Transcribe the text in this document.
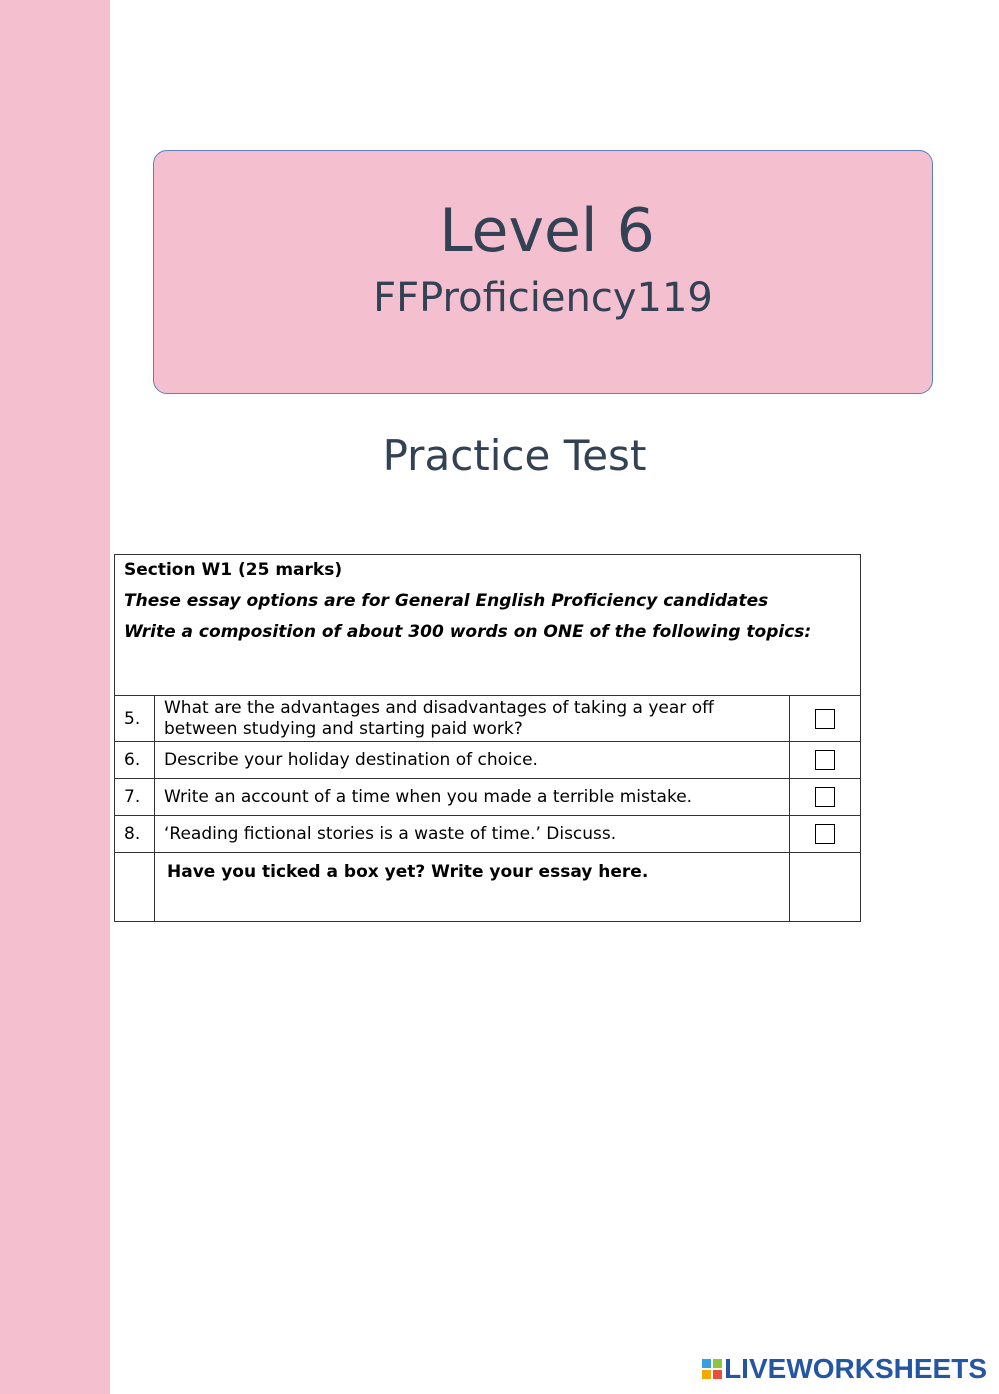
Level 6
FFProficiency119
Practice Test

Section W1 (25 marks)

These essay options are for General English Proficiency candidates

Write a composition of about 300 words on ONE of the following topics:		

5.	What are the advantages and disadvantages of taking a year off
between studying and starting paid work?	

6.	Describe your holiday destination of choice.	
7.	Write an account of a time when you made a terrible mistake.	
8.	‘Reading fictional stories is a waste of time.’ Discuss.	
	Have you ticked a box yet? Write your essay here.	
LIVEWORKSHEETS
